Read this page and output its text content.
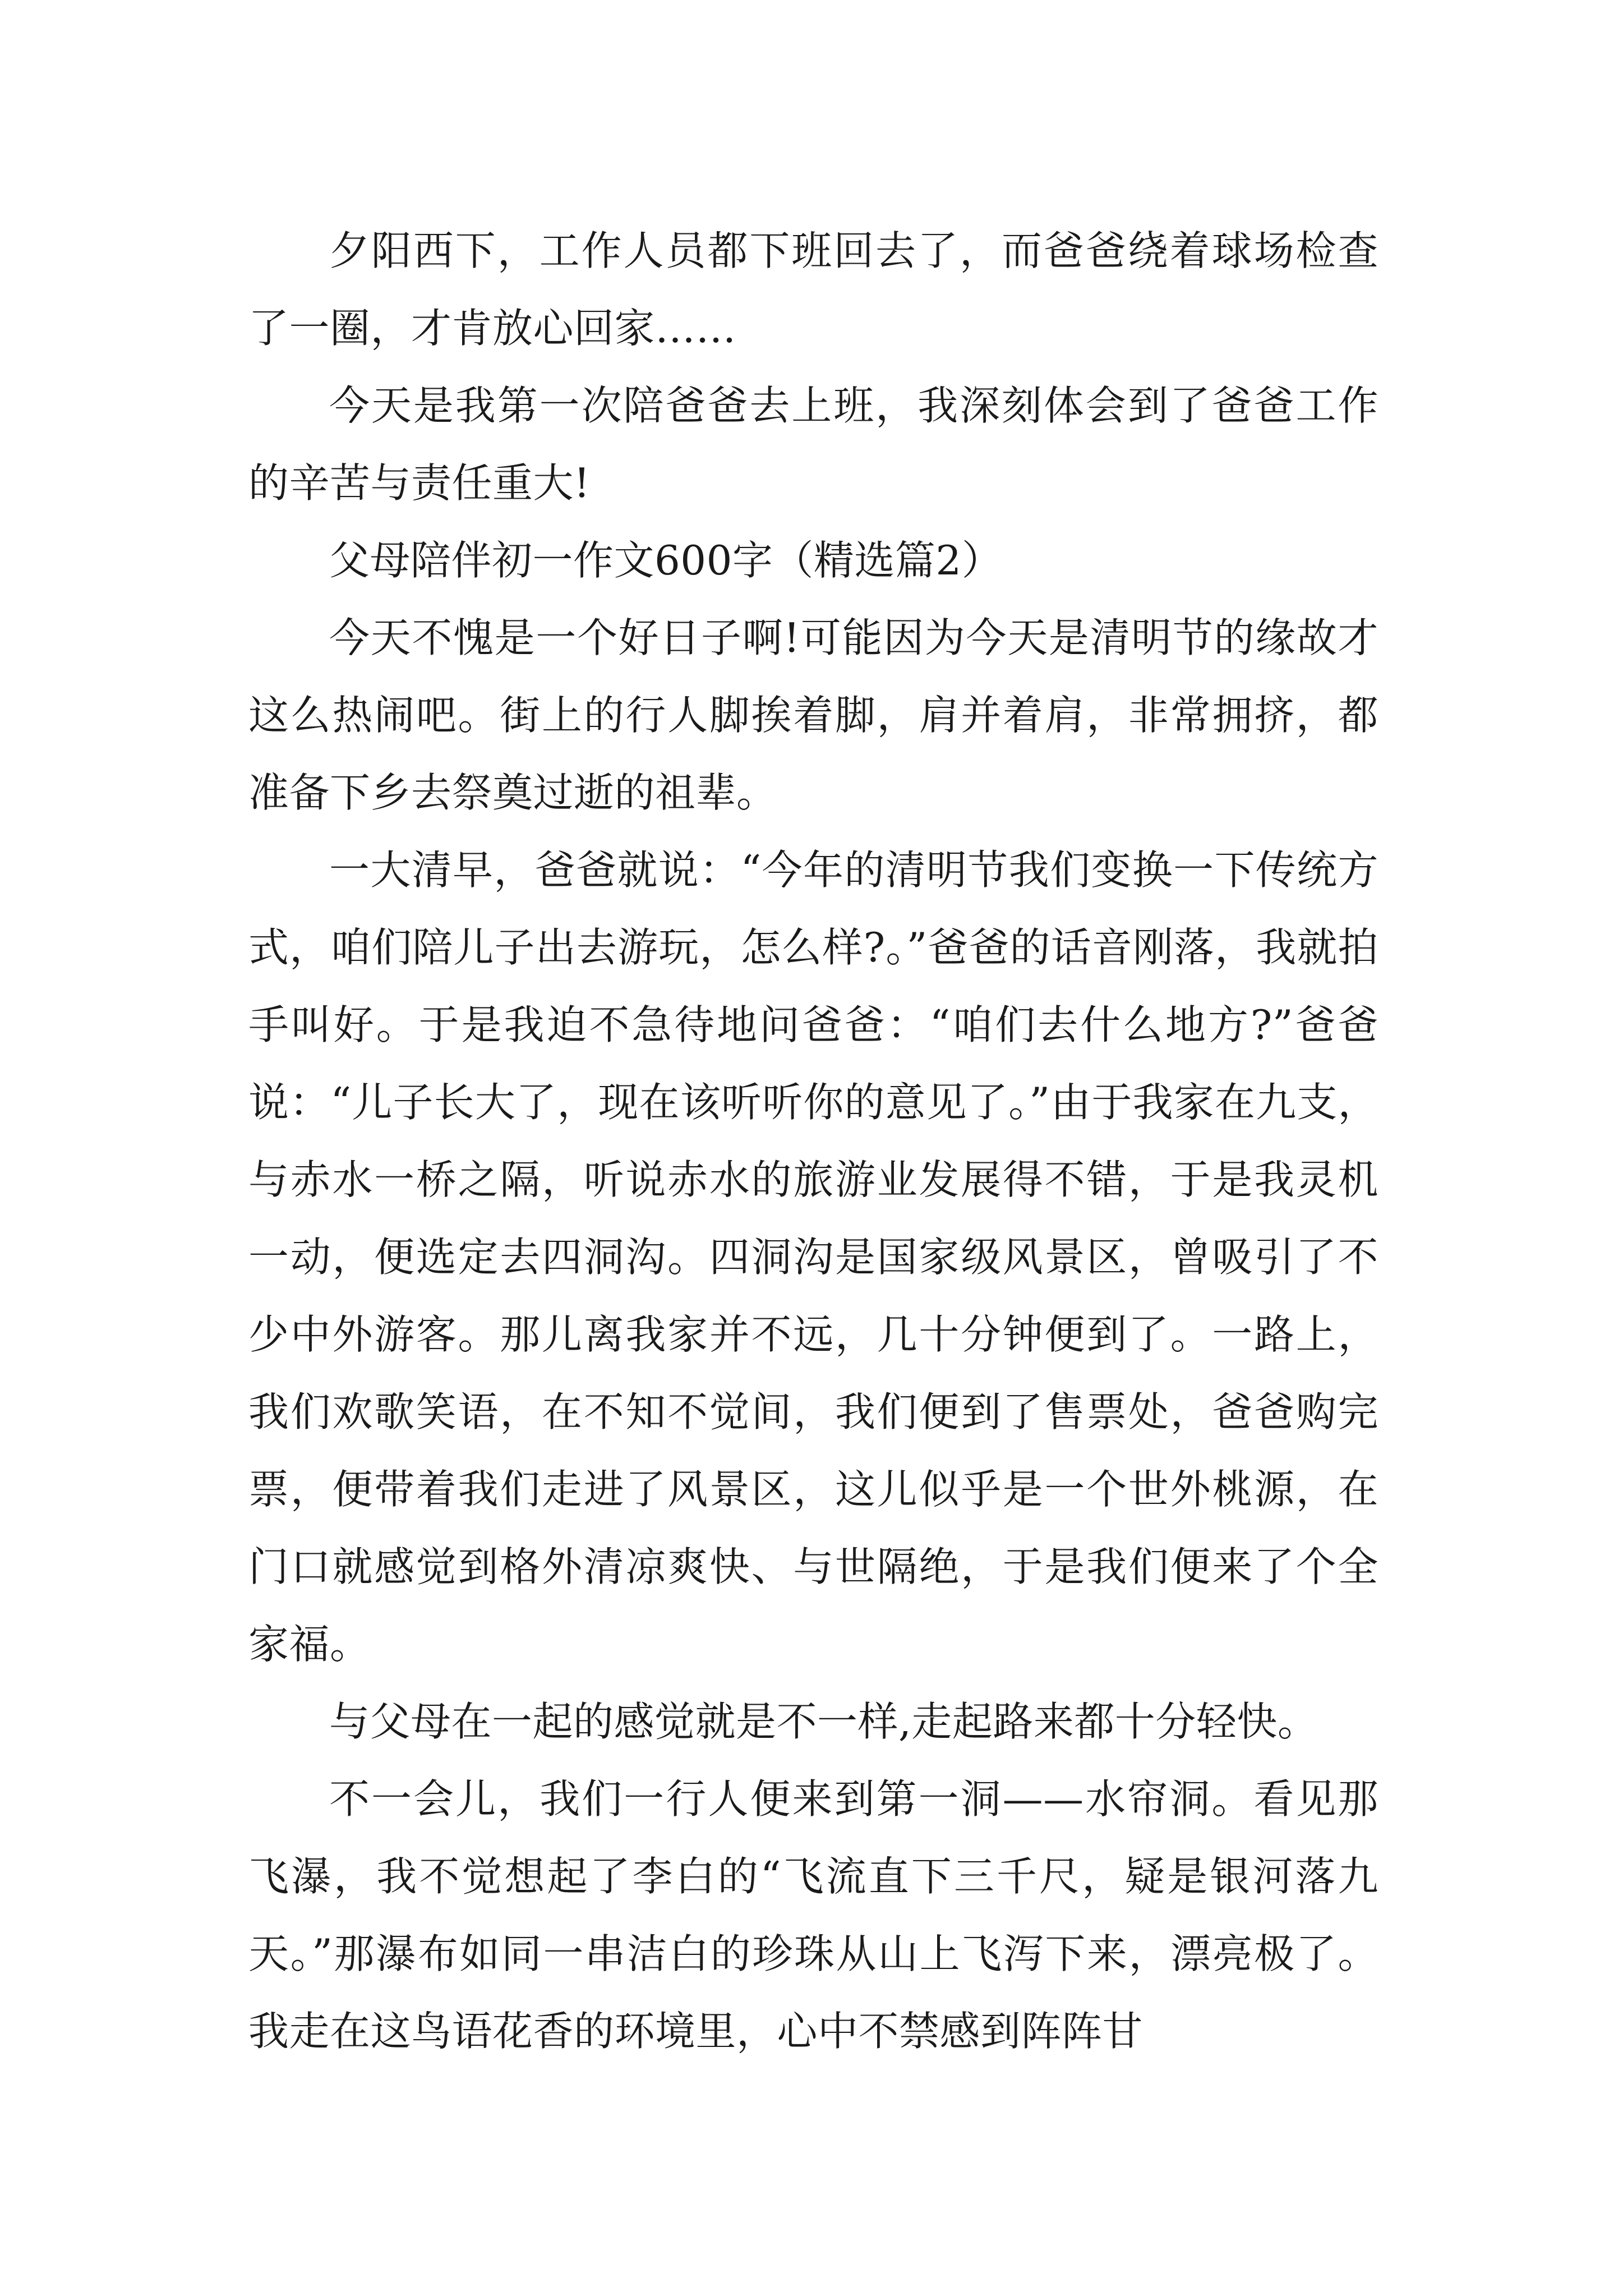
夕阳西下，工作人员都下班回去了，而爸爸绕着球场检查了一圈，才肯放心回家……

今天是我第一次陪爸爸去上班，我深刻体会到了爸爸工作的辛苦与责任重大!

父母陪伴初一作文600字（精选篇2）

今天不愧是一个好日子啊!可能因为今天是清明节的缘故才这么热闹吧。街上的行人脚挨着脚，肩并着肩，非常拥挤，都准备下乡去祭奠过逝的祖辈。

一大清早，爸爸就说：“今年的清明节我们变换一下传统方式，咱们陪儿子出去游玩，怎么样?。”爸爸的话音刚落，我就拍手叫好。于是我迫不急待地问爸爸：“咱们去什么地方?”爸爸说：“儿子长大了，现在该听听你的意见了。”由于我家在九支，与赤水一桥之隔，听说赤水的旅游业发展得不错，于是我灵机一动，便选定去四洞沟。四洞沟是国家级风景区，曾吸引了不少中外游客。那儿离我家并不远，几十分钟便到了。一路上，我们欢歌笑语，在不知不觉间，我们便到了售票处，爸爸购完票，便带着我们走进了风景区，这儿似乎是一个世外桃源，在门口就感觉到格外清凉爽快、与世隔绝，于是我们便来了个全家福。

与父母在一起的感觉就是不一样,走起路来都十分轻快。

不一会儿，我们一行人便来到第一洞——水帘洞。看见那飞瀑，我不觉想起了李白的“飞流直下三千尺，疑是银河落九天。”那瀑布如同一串洁白的珍珠从山上飞泻下来，漂亮极了。我走在这鸟语花香的环境里，心中不禁感到阵阵甘
